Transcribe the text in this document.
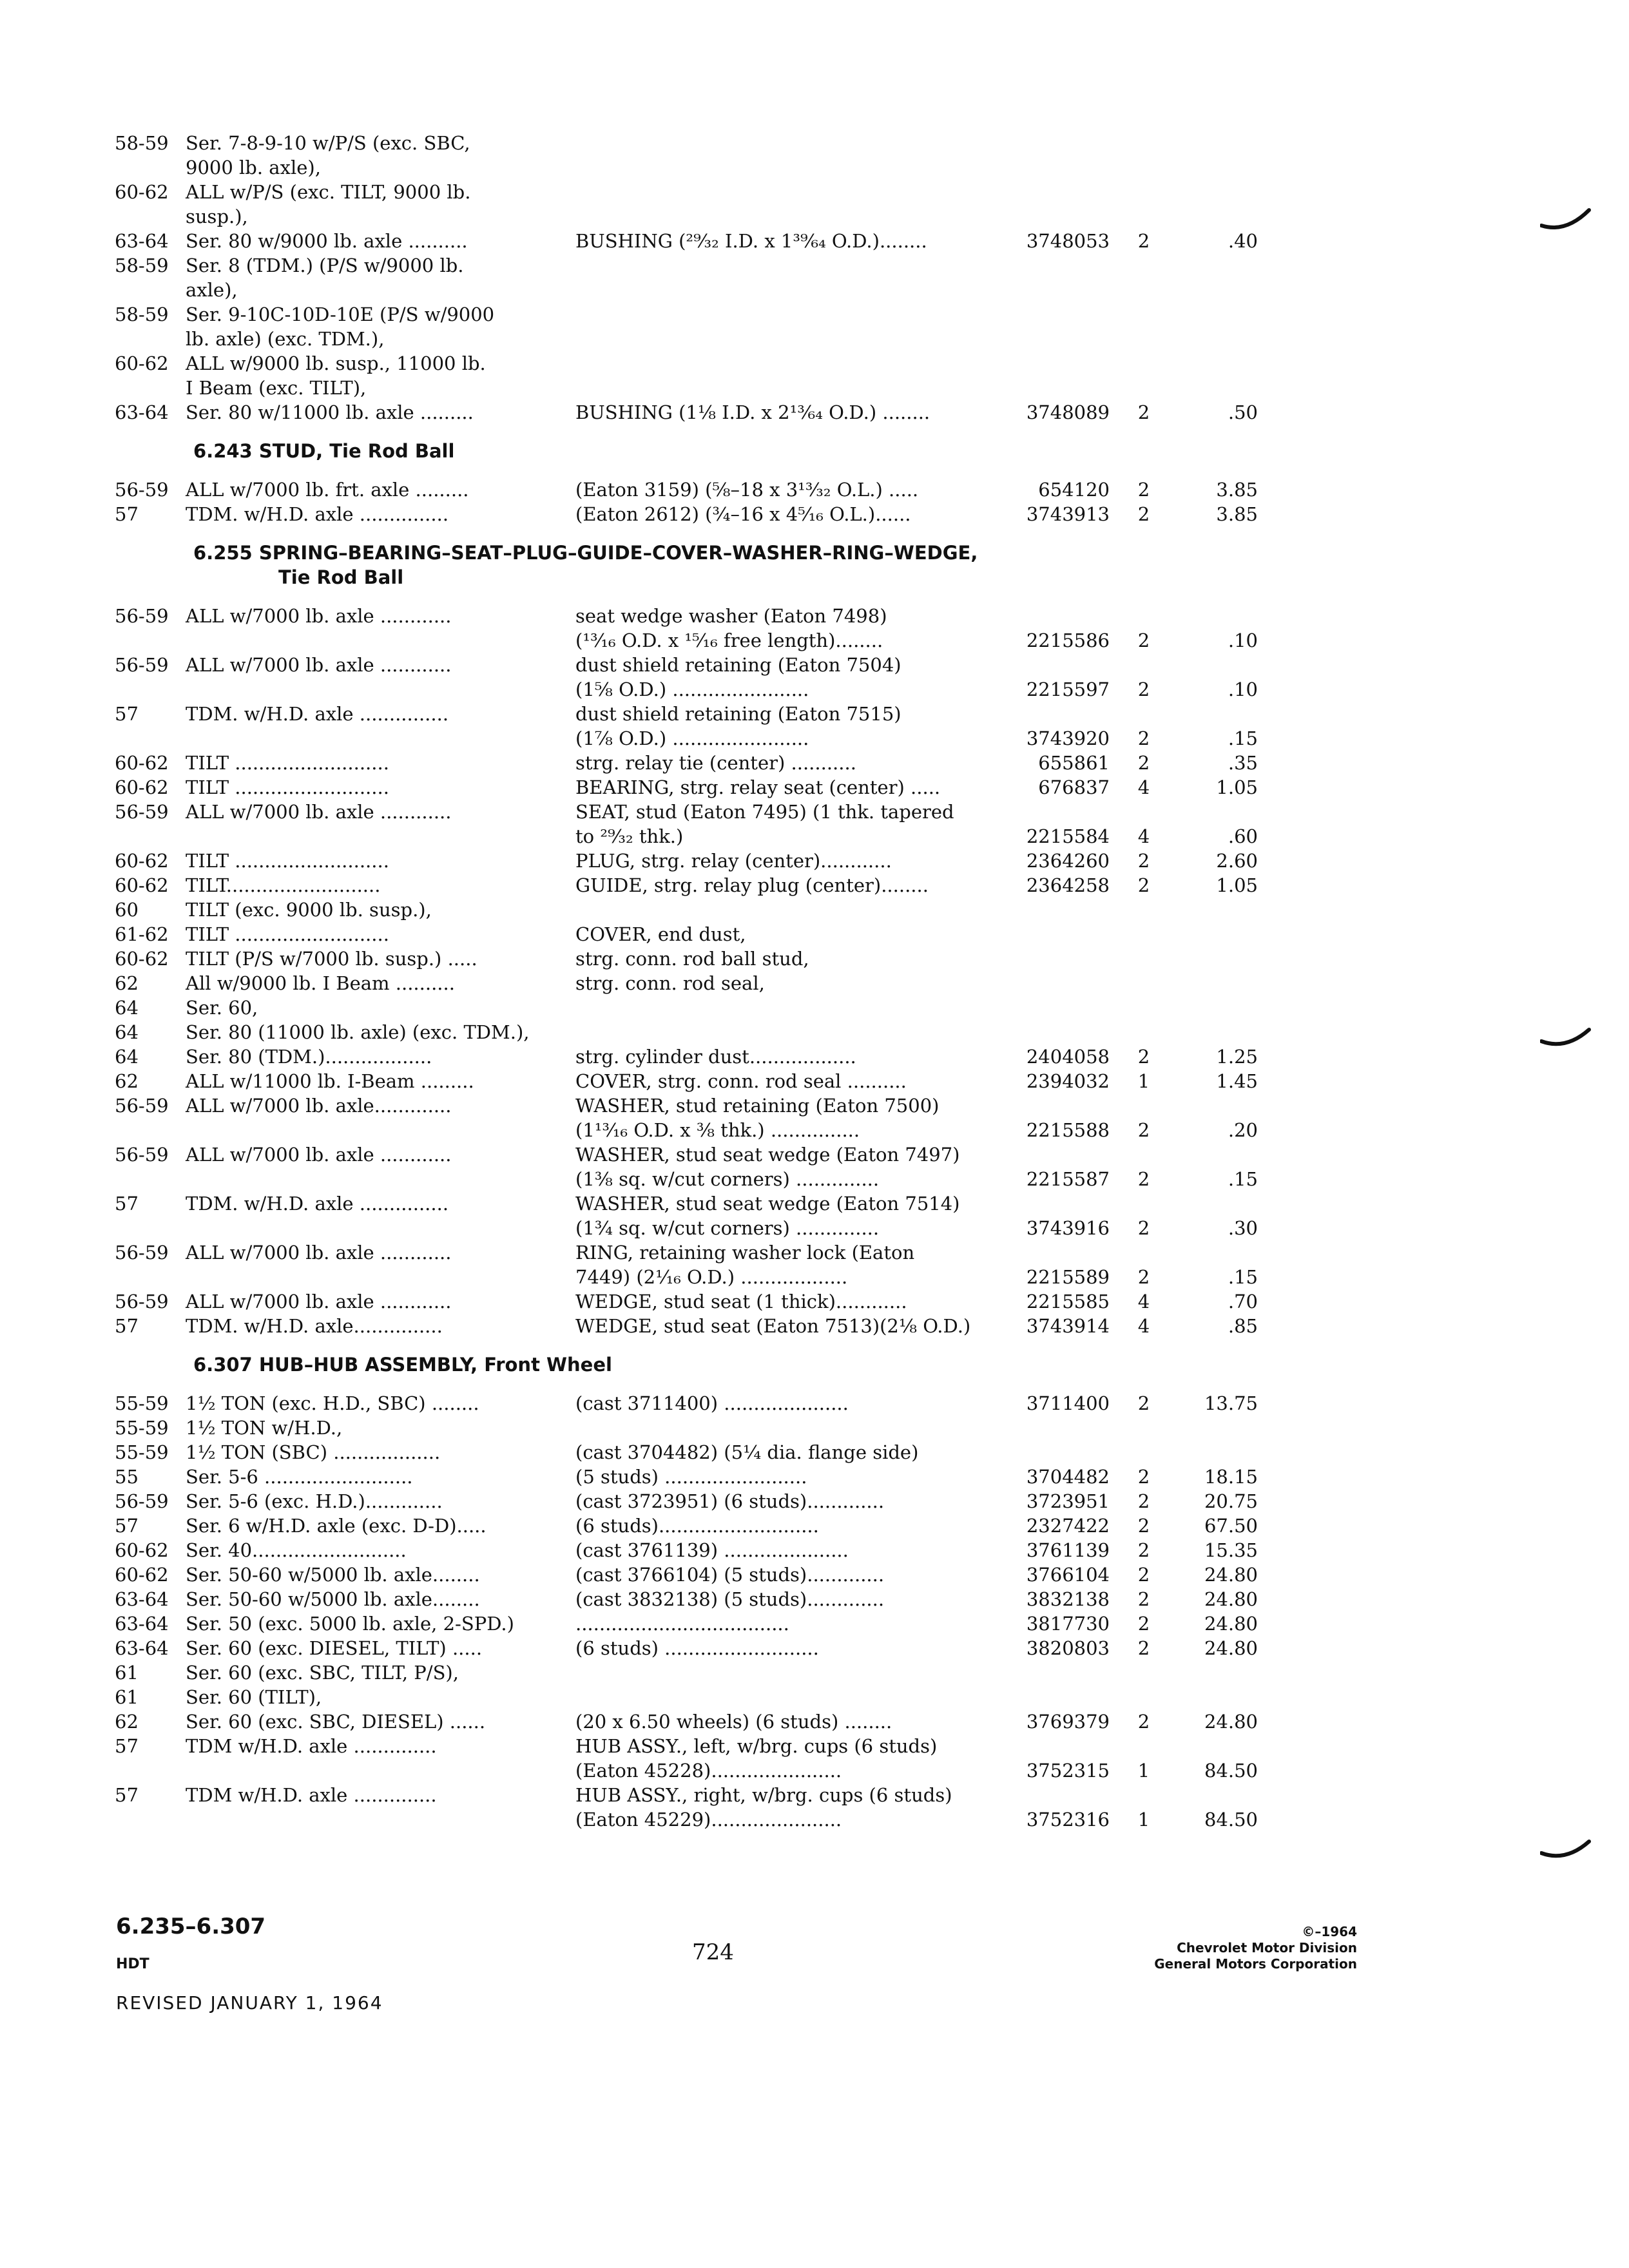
58-59 Ser. 7-8-9-10 w/P/S (exc. SBC,
9000 lb. axle),
60-62 ALL w/P/S (exc. TILT, 9000 lb.
susp.),
63-64 Ser. 80 w/9000 lb. axle ..........	BUSHING (²⁹⁄₃₂ I.D. x 1³⁹⁄₆₄ O.D.)........	3748053 2	.40
58-59 Ser. 8 (TDM.) (P/S w/9000 lb.
axle),
58-59 Ser. 9-10C-10D-10E (P/S w/9000
lb. axle) (exc. TDM.),
60-62 ALL w/9000 lb. susp., 11000 lb.
I Beam (exc. TILT),
63-64 Ser. 80 w/11000 lb. axle .........	BUSHING (1⅛ I.D. x 2¹³⁄₆₄ O.D.) ........	3748089 2	.50
6.243 STUD, Tie Rod Ball
56-59 ALL w/7000 lb. frt. axle .........	(Eaton 3159) (⅝–18 x 3¹³⁄₃₂ O.L.) .....	654120 2	3.85
57	TDM. w/H.D. axle ...............	(Eaton 2612) (¾–16 x 4⁵⁄₁₆ O.L.)......	3743913 2	3.85
6.255 SPRING–BEARING–SEAT–PLUG–GUIDE–COVER–WASHER–RING–WEDGE,
Tie Rod Ball
56-59 ALL w/7000 lb. axle ............	seat wedge washer (Eaton 7498)
(¹³⁄₁₆ O.D. x ¹⁵⁄₁₆ free length)........	2215586 2	.10
56-59 ALL w/7000 lb. axle ............	dust shield retaining (Eaton 7504)
(1⅝ O.D.) .......................	2215597 2	.10
57	TDM. w/H.D. axle ...............	dust shield retaining (Eaton 7515)
(1⅞ O.D.) .......................	3743920 2	.15
60-62 TILT ..........................	strg. relay tie (center) ...........	655861 2	.35
60-62 TILT ..........................	BEARING, strg. relay seat (center) .....	676837 4	1.05
56-59 ALL w/7000 lb. axle ............	SEAT, stud (Eaton 7495) (1 thk. tapered
to ²⁹⁄₃₂ thk.)	2215584 4	.60
60-62 TILT ..........................	PLUG, strg. relay (center)............	2364260 2	2.60
60-62 TILT..........................	GUIDE, strg. relay plug (center)........	2364258 2	1.05
60	TILT (exc. 9000 lb. susp.),
61-62 TILT ..........................	COVER, end dust,
60-62 TILT (P/S w/7000 lb. susp.) .....	strg. conn. rod ball stud,
62	All w/9000 lb. I Beam ..........	strg. conn. rod seal,
64	Ser. 60,
64	Ser. 80 (11000 lb. axle) (exc. TDM.),
64	Ser. 80 (TDM.)..................	strg. cylinder dust..................	2404058 2	1.25
62	ALL w/11000 lb. I-Beam .........	COVER, strg. conn. rod seal ..........	2394032 1	1.45
56-59 ALL w/7000 lb. axle.............	WASHER, stud retaining (Eaton 7500)
(1¹³⁄₁₆ O.D. x ⅜ thk.) ...............	2215588 2	.20
56-59 ALL w/7000 lb. axle ............	WASHER, stud seat wedge (Eaton 7497)
(1⅜ sq. w/cut corners) ..............	2215587 2	.15
57	TDM. w/H.D. axle ...............	WASHER, stud seat wedge (Eaton 7514)
(1¾ sq. w/cut corners) ..............	3743916 2	.30
56-59 ALL w/7000 lb. axle ............	RING, retaining washer lock (Eaton
7449) (2¹⁄₁₆ O.D.) ..................	2215589 2	.15
56-59 ALL w/7000 lb. axle ............	WEDGE, stud seat (1 thick)............	2215585 4	.70
57	TDM. w/H.D. axle...............	WEDGE, stud seat (Eaton 7513)(2⅛ O.D.)	3743914 4	.85
6.307 HUB–HUB ASSEMBLY, Front Wheel
55-59 1½ TON (exc. H.D., SBC) ........	(cast 3711400) .....................	3711400 2	13.75
55-59 1½ TON w/H.D.,
55-59 1½ TON (SBC) ..................	(cast 3704482) (5¼ dia. flange side)
55	Ser. 5-6 .........................	(5 studs) ........................	3704482 2	18.15
56-59 Ser. 5-6 (exc. H.D.).............	(cast 3723951) (6 studs).............	3723951 2	20.75
57	Ser. 6 w/H.D. axle (exc. D-D).....	(6 studs)...........................	2327422 2	67.50
60-62 Ser. 40..........................	(cast 3761139) .....................	3761139 2	15.35
60-62 Ser. 50-60 w/5000 lb. axle........	(cast 3766104) (5 studs).............	3766104 2	24.80
63-64 Ser. 50-60 w/5000 lb. axle........	(cast 3832138) (5 studs).............	3832138 2	24.80
63-64 Ser. 50 (exc. 5000 lb. axle, 2-SPD.)	....................................	3817730 2	24.80
63-64 Ser. 60 (exc. DIESEL, TILT) .....	(6 studs) ..........................	3820803 2	24.80
61	Ser. 60 (exc. SBC, TILT, P/S),
61	Ser. 60 (TILT),
62	Ser. 60 (exc. SBC, DIESEL) ......	(20 x 6.50 wheels) (6 studs) ........	3769379 2	24.80
57	TDM w/H.D. axle ..............	HUB ASSY., left, w/brg. cups (6 studs)
(Eaton 45228)......................	3752315 1	84.50
57	TDM w/H.D. axle ..............	HUB ASSY., right, w/brg. cups (6 studs)
(Eaton 45229)......................	3752316 1	84.50
6.235–6.307
HDT	724
©–1964
Chevrolet Motor Division
General Motors Corporation
REVISED JANUARY 1, 1964
